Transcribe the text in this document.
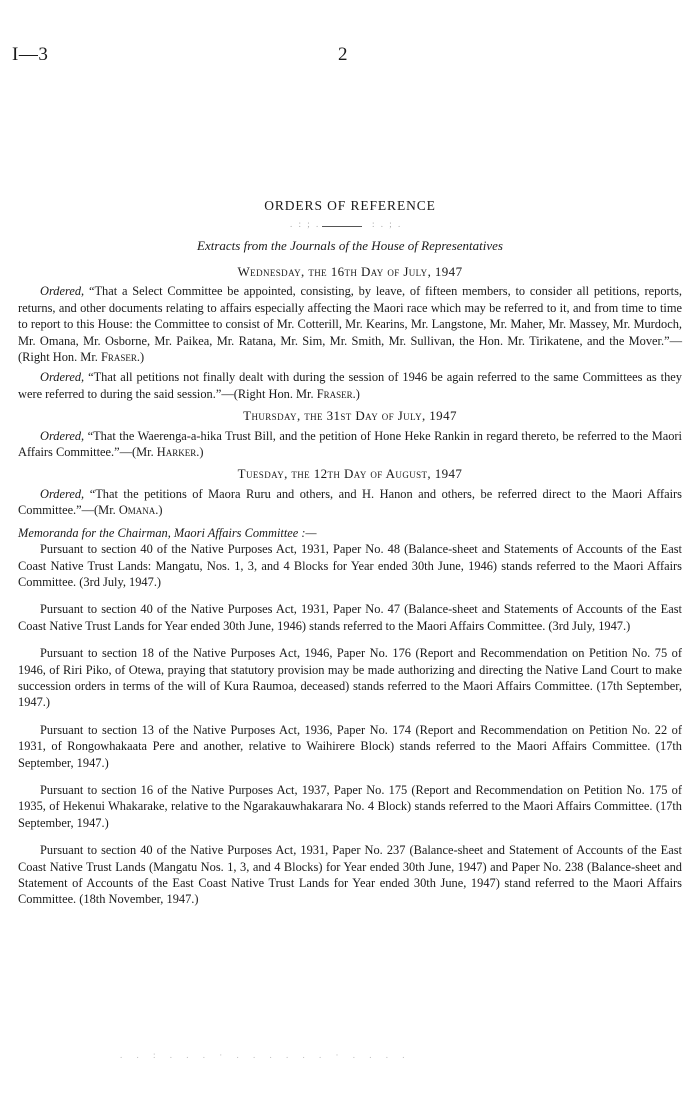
I—3	2
ORDERS OF REFERENCE
. : ; .	: . ; .
Extracts from the Journals of the House of Representatives
Wednesday, the 16th Day of July, 1947

Ordered, “That a Select Committee be appointed, consisting, by leave, of fifteen members, to consider all petitions, reports, returns, and other documents relating to affairs especially affecting the Maori race which may be referred to it, and from time to time to report to this House: the Committee to consist of Mr. Cotterill, Mr. Kearins, Mr. Langstone, Mr. Maher, Mr. Massey, Mr. Murdoch, Mr. Omana, Mr. Osborne, Mr. Paikea, Mr. Ratana, Mr. Sim, Mr. Smith, Mr. Sullivan, the Hon. Mr. Tirikatene, and the Mover.”—(Right Hon. Mr. Fraser.)

Ordered, “That all petitions not finally dealt with during the session of 1946 be again referred to the same Committees as they were referred to during the said session.”—(Right Hon. Mr. Fraser.)

Thursday, the 31st Day of July, 1947

Ordered, “That the Waerenga-a-hika Trust Bill, and the petition of Hone Heke Rankin in regard thereto, be referred to the Maori Affairs Committee.”—(Mr. Harker.)

Tuesday, the 12th Day of August, 1947

Ordered, “That the petitions of Maora Ruru and others, and H. Hanon and others, be referred direct to the Maori Affairs Committee.”—(Mr. Omana.)

Memoranda for the Chairman, Maori Affairs Committee :—

Pursuant to section 40 of the Native Purposes Act, 1931, Paper No. 48 (Balance-sheet and Statements of Accounts of the East Coast Native Trust Lands: Mangatu, Nos. 1, 3, and 4 Blocks for Year ended 30th June, 1946) stands referred to the Maori Affairs Committee. (3rd July, 1947.)

Pursuant to section 40 of the Native Purposes Act, 1931, Paper No. 47 (Balance-sheet and Statements of Accounts of the East Coast Native Trust Lands for Year ended 30th June, 1946) stands referred to the Maori Affairs Committee. (3rd July, 1947.)

Pursuant to section 18 of the Native Purposes Act, 1946, Paper No. 176 (Report and Recommendation on Petition No. 75 of 1946, of Riri Piko, of Otewa, praying that statutory provision may be made authorizing and directing the Native Land Court to make succession orders in terms of the will of Kura Raumoa, deceased) stands referred to the Maori Affairs Committee. (17th September, 1947.)

Pursuant to section 13 of the Native Purposes Act, 1936, Paper No. 174 (Report and Recommendation on Petition No. 22 of 1931, of Rongowhakaata Pere and another, relative to Waihirere Block) stands referred to the Maori Affairs Committee. (17th September, 1947.)

Pursuant to section 16 of the Native Purposes Act, 1937, Paper No. 175 (Report and Recommendation on Petition No. 175 of 1935, of Hekenui Whakarake, relative to the Ngarakauwhakarara No. 4 Block) stands referred to the Maori Affairs Committee. (17th September, 1947.)

Pursuant to section 40 of the Native Purposes Act, 1931, Paper No. 237 (Balance-sheet and Statement of Accounts of the East Coast Native Trust Lands (Mangatu Nos. 1, 3, and 4 Blocks) for Year ended 30th June, 1947) and Paper No. 238 (Balance-sheet and Statement of Accounts of the East Coast Native Trust Lands for Year ended 30th June, 1947) stand referred to the Maori Affairs Committee. (18th November, 1947.)

. . : . . . · . . . . . . · . . . .
